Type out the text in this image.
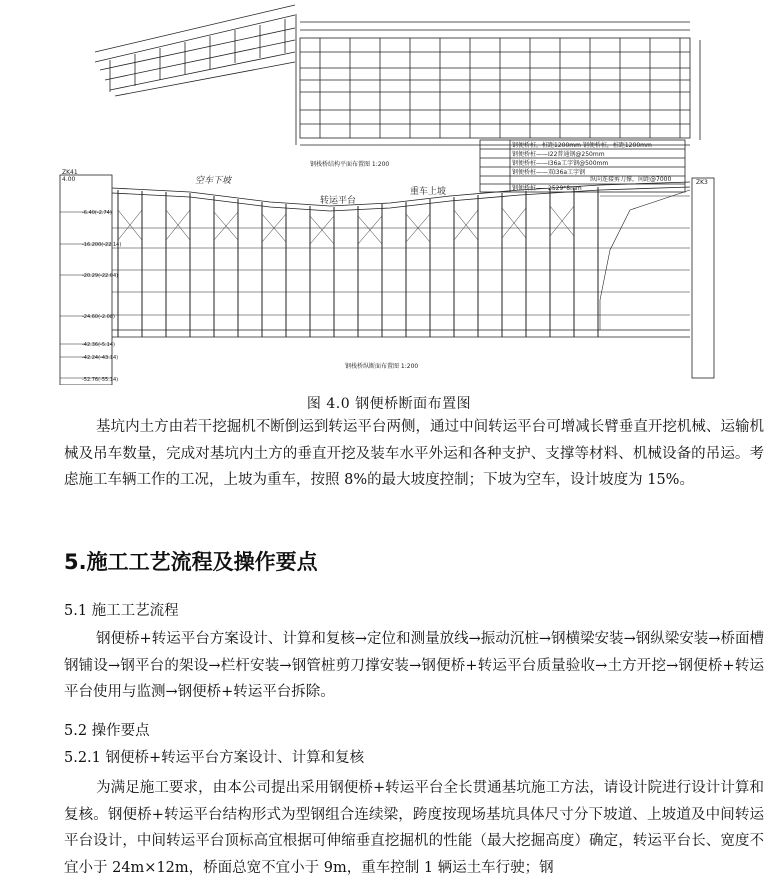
钢栈桥结构平面布置图 1:200
钢栈桥纵断面布置图 1:200
空车下坡
转运平台
重车上坡
ZK41
4.00	ZK3
钢便桥桩，桩距1200mm 钢便桥桩，桩距1200mm
钢便桥桩——I22普通钢@250mm
钢便桥桩——I36a工字钢@500mm
钢便桥桩——双I36a工字钢
纵向连接剪刀撑，间距@7000
钢便桥桩——2529*8mm
-6.40(-2.74)
-16.200(-22.14)
-20.29(-22.04)
-24.60(-2.08)
-42.36(-5.14)
-42.24(-43.14)
-52.76(-55.14)
图 4.0 钢便桥断面布置图
基坑内土方由若干挖掘机不断倒运到转运平台两侧，通过中间转运平台可增减长臂垂直开挖机械、运输机械及吊车数量，完成对基坑内土方的垂直开挖及装车水平外运和各种支护、支撑等材料、机械设备的吊运。考虑施工车辆工作的工况，上坡为重车，按照 8%的最大坡度控制；下坡为空车，设计坡度为 15%。
5.施工工艺流程及操作要点
5.1 施工工艺流程
钢便桥+转运平台方案设计、计算和复核→定位和测量放线→振动沉桩→钢横梁安装→钢纵梁安装→桥面槽钢铺设→钢平台的架设→栏杆安装→钢管桩剪刀撑安装→钢便桥+转运平台质量验收→土方开挖→钢便桥+转运平台使用与监测→钢便桥+转运平台拆除。
5.2 操作要点
5.2.1 钢便桥+转运平台方案设计、计算和复核
为满足施工要求，由本公司提出采用钢便桥+转运平台全长贯通基坑施工方法，请设计院进行设计计算和复核。钢便桥+转运平台结构形式为型钢组合连续梁，跨度按现场基坑具体尺寸分下坡道、上坡道及中间转运平台设计，中间转运平台顶标高宜根据可伸缩垂直挖掘机的性能（最大挖掘高度）确定，转运平台长、宽度不宜小于 24m×12m，桥面总宽不宜小于 9m，重车控制 1 辆运土车行驶；钢
